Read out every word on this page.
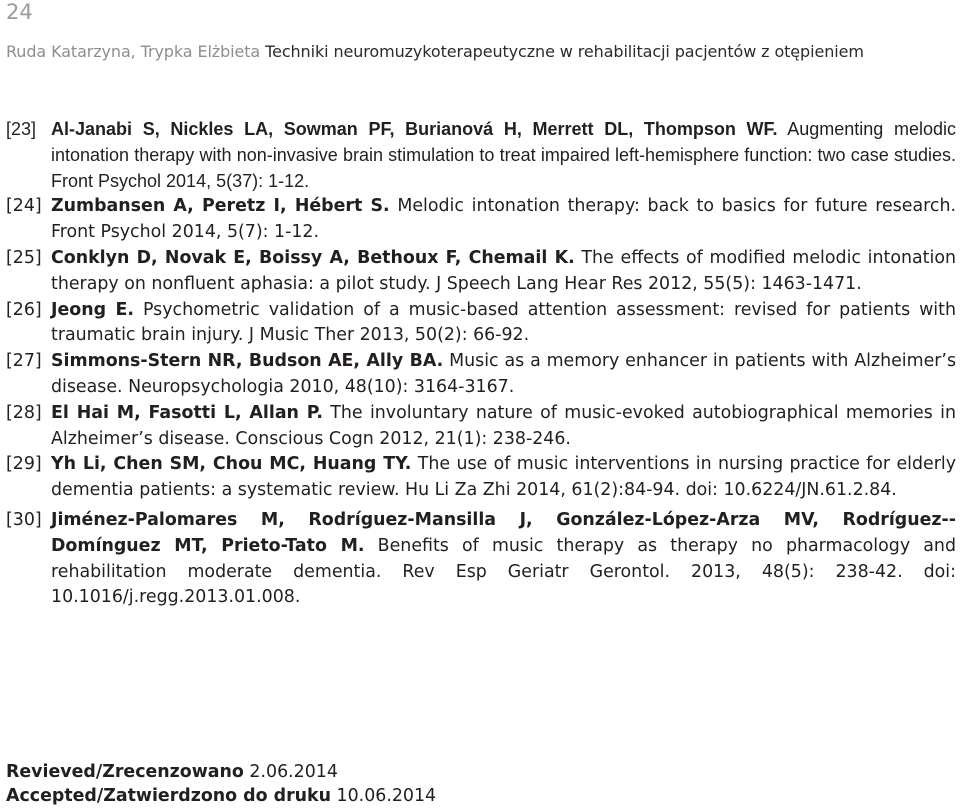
24
Ruda Katarzyna, Trypka Elżbieta Techniki neuromuzykoterapeutyczne w rehabilitacji pacjentów z otępieniem
[23] Al-Janabi S, Nickles LA, Sowman PF, Burianová H, Merrett DL, Thompson WF. Augmenting melodic intonation therapy with non-invasive brain stimulation to treat impaired left-hemisphere function: two case studies. Front Psychol 2014, 5(37): 1-12.
[24] Zumbansen A, Peretz I, Hébert S. Melodic intonation therapy: back to basics for future research. Front Psychol 2014, 5(7): 1-12.
[25] Conklyn D, Novak E, Boissy A, Bethoux F, Chemail K. The effects of modified melodic intonation therapy on nonfluent aphasia: a pilot study. J Speech Lang Hear Res 2012, 55(5): 1463-1471.
[26] Jeong E. Psychometric validation of a music-based attention assessment: revised for patients with traumatic brain injury. J Music Ther 2013, 50(2): 66-92.
[27] Simmons-Stern NR, Budson AE, Ally BA. Music as a memory enhancer in patients with Alzheimer’s disease. Neuropsychologia 2010, 48(10): 3164-3167.
[28] El Hai M, Fasotti L, Allan P. The involuntary nature of music-evoked autobiographical memories in Alzheimer’s disease. Conscious Cogn 2012, 21(1): 238-246.
[29] Yh Li, Chen SM, Chou MC, Huang TY. The use of music interventions in nursing practice for elderly dementia patients: a systematic review. Hu Li Za Zhi 2014, 61(2):84-94. doi: 10.6224/JN.61.2.84.
[30] Jiménez-Palomares M, Rodríguez-Mansilla J, González-López-Arza MV, Rodríguez--Domínguez MT, Prieto-Tato M. Benefits of music therapy as therapy no pharmacology and rehabilitation moderate dementia. Rev Esp Geriatr Gerontol. 2013, 48(5): 238-42. doi: 10.1016/j.regg.2013.01.008.
Revieved/Zrecenzowano 2.06.2014
Accepted/Zatwierdzono do druku 10.06.2014
